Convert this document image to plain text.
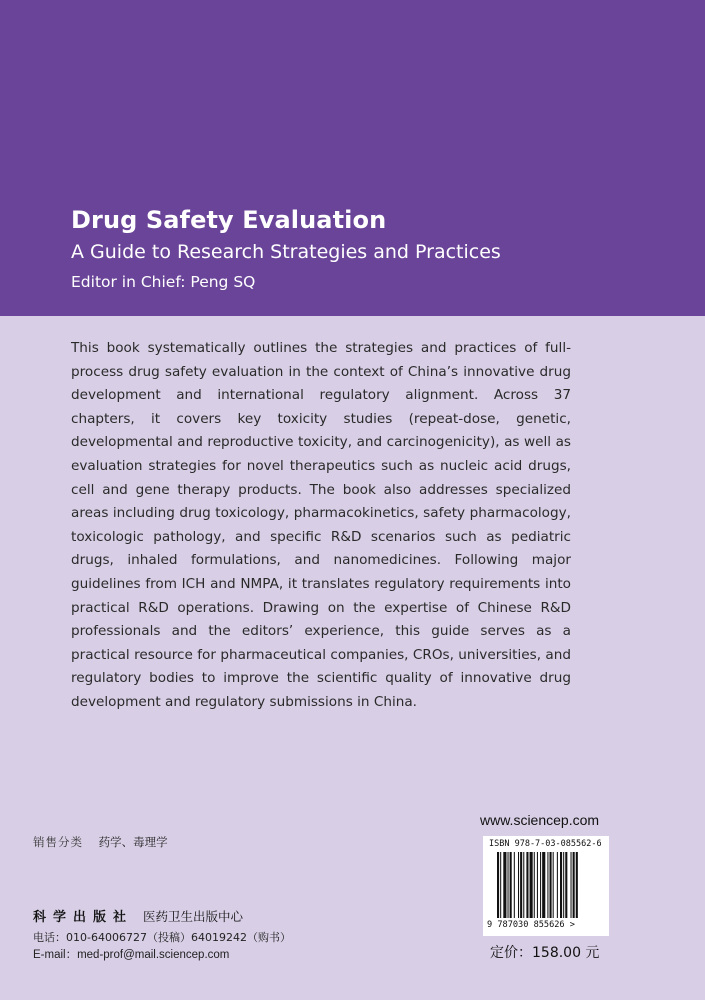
Drug Safety Evaluation
A Guide to Research Strategies and Practices
Editor in Chief: Peng SQ
This book systematically outlines the strategies and practices of full-process drug safety evaluation in the context of China’s innovative drug development and international regulatory alignment. Across 37 chapters, it covers key toxicity studies (repeat-dose, genetic, developmental and reproductive toxicity, and carcinogenicity), as well as evaluation strategies for novel therapeutics such as nucleic acid drugs, cell and gene therapy products. The book also addresses specialized areas including drug toxicology, pharmacokinetics, safety pharmacology, toxicologic pathology, and specific R&D scenarios such as pediatric drugs, inhaled formulations, and nanomedicines. Following major guidelines from ICH and NMPA, it translates regulatory requirements into practical R&D operations. Drawing on the expertise of Chinese R&D professionals and the editors’ experience, this guide serves as a practical resource for pharmaceutical companies, CROs, universities, and regulatory bodies to improve the scientific quality of innovative drug development and regulatory submissions in China.
www.sciencep.com
销售分类 药学、毒理学	ISBN 978-7-03-085562-6
9 787030 855626 >
定价：158.00 元
科学出版社 医药卫生出版中心
电话：010-64006727（投稿）64019242（购书）
E-mail：med-prof@mail.sciencep.com
